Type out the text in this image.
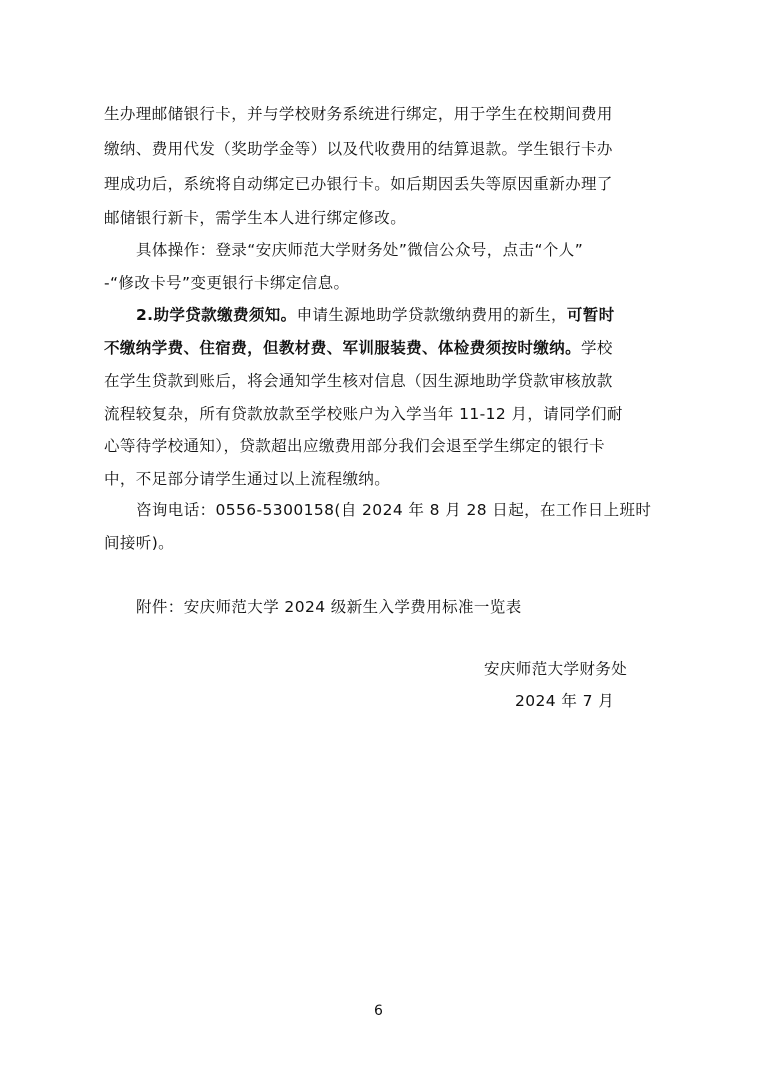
生办理邮储银行卡，并与学校财务系统进行绑定，用于学生在校期间费用
缴纳、费用代发（奖助学金等）以及代收费用的结算退款。学生银行卡办
理成功后，系统将自动绑定已办银行卡。如后期因丢失等原因重新办理了
邮储银行新卡，需学生本人进行绑定修改。
具体操作：登录“安庆师范大学财务处”微信公众号，点击“个人”
-“修改卡号”变更银行卡绑定信息。
2.助学贷款缴费须知。申请生源地助学贷款缴纳费用的新生，可暂时
不缴纳学费、住宿费，但教材费、军训服装费、体检费须按时缴纳。学校
在学生贷款到账后，将会通知学生核对信息（因生源地助学贷款审核放款
流程较复杂，所有贷款放款至学校账户为入学当年 11-12 月，请同学们耐
心等待学校通知），贷款超出应缴费用部分我们会退至学生绑定的银行卡
中，不足部分请学生通过以上流程缴纳。
咨询电话：0556-5300158(自 2024 年 8 月 28 日起，在工作日上班时
间接听)。
附件：安庆师范大学 2024 级新生入学费用标准一览表
安庆师范大学财务处
2024 年 7 月
6
